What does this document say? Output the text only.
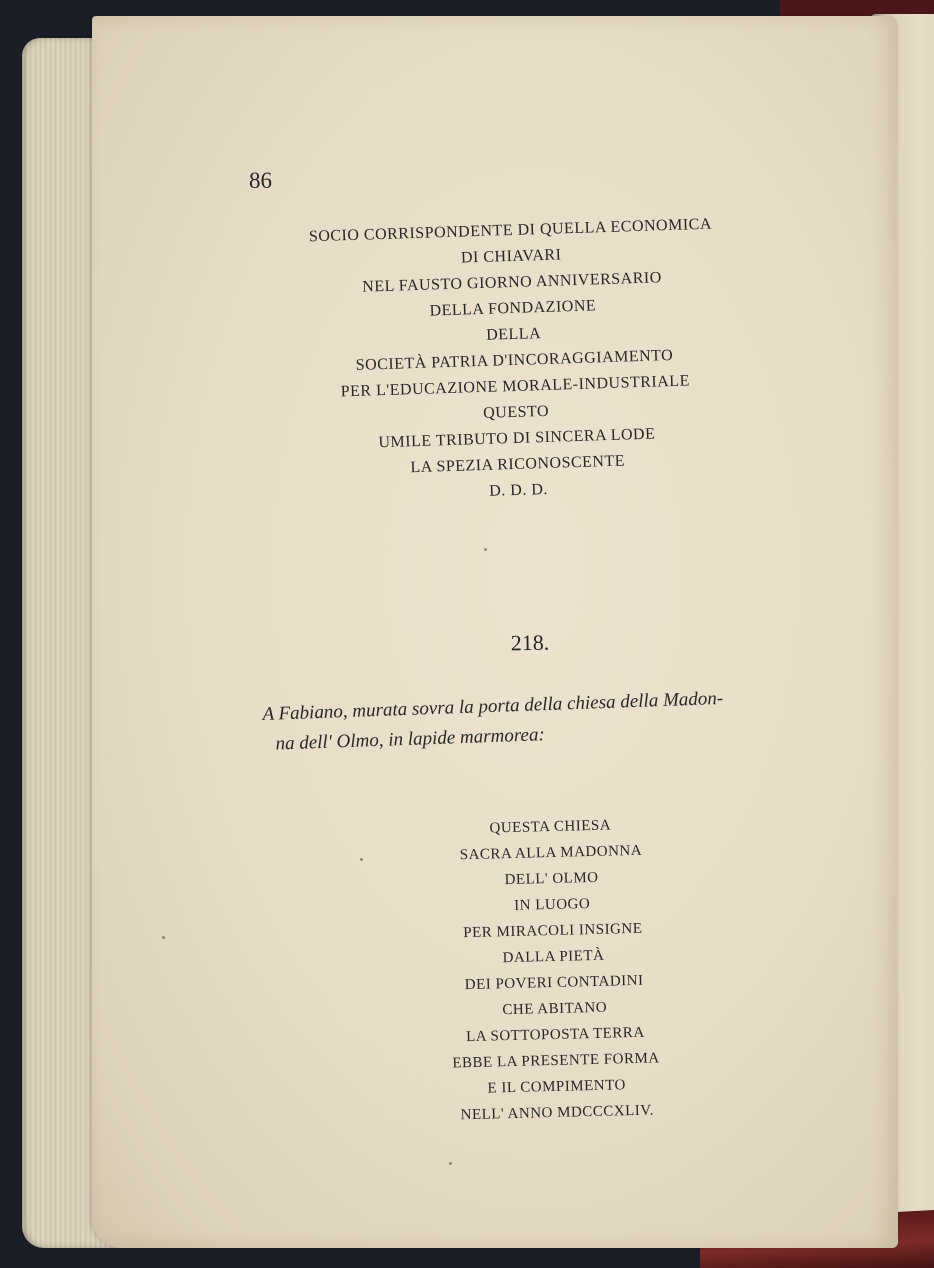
86
SOCIO CORRISPONDENTE DI QUELLA ECONOMICA
DI CHIAVARI
NEL FAUSTO GIORNO ANNIVERSARIO
DELLA FONDAZIONE
DELLA
SOCIETÀ PATRIA D'INCORAGGIAMENTO
PER L'EDUCAZIONE MORALE-INDUSTRIALE
QUESTO
UMILE TRIBUTO DI SINCERA LODE
LA SPEZIA RICONOSCENTE
D. D. D.
218.
A Fabiano, murata sovra la porta della chiesa della Madon-
na dell' Olmo, in lapide marmorea:
QUESTA CHIESA
SACRA ALLA MADONNA
DELL' OLMO
IN LUOGO
PER MIRACOLI INSIGNE
DALLA PIETÀ
DEI POVERI CONTADINI
CHE ABITANO
LA SOTTOPOSTA TERRA
EBBE LA PRESENTE FORMA
E IL COMPIMENTO
NELL' ANNO MDCCCXLIV.
